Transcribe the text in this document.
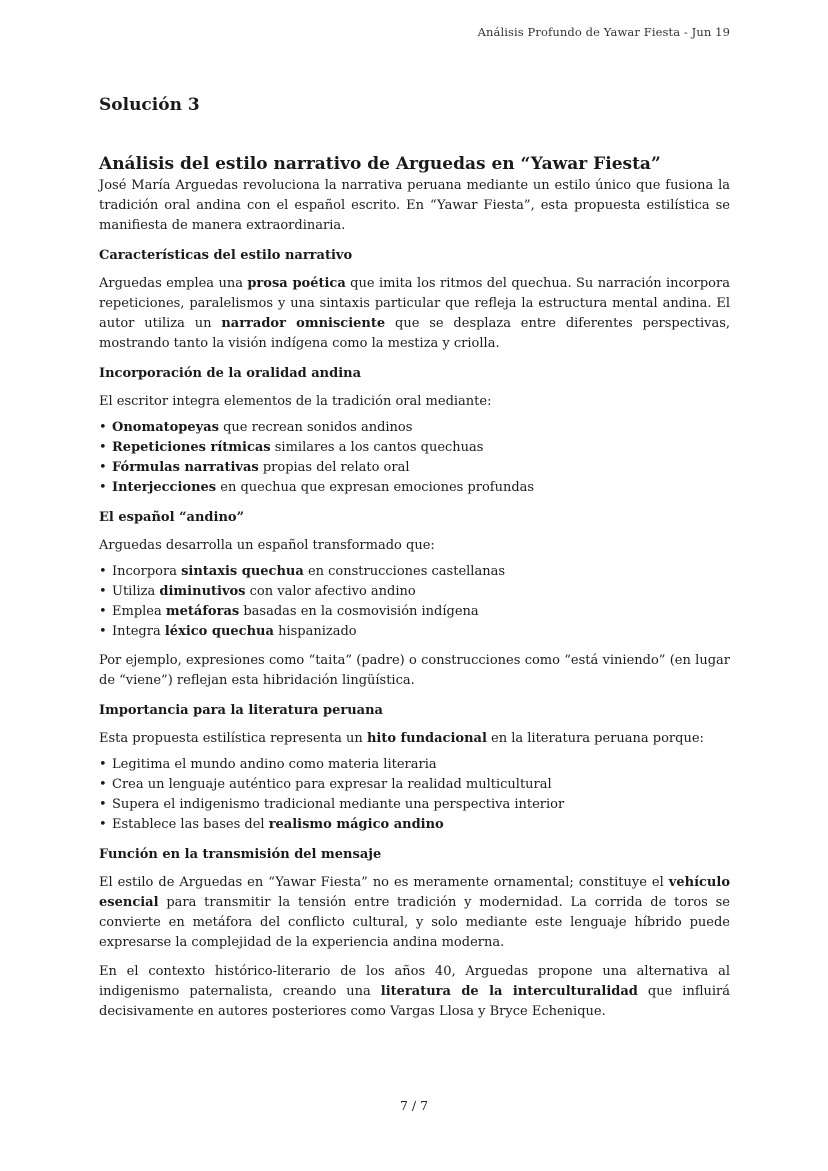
Análisis Profundo de Yawar Fiesta - Jun 19
Solución 3
Análisis del estilo narrativo de Arguedas en “Yawar Fiesta”

José María Arguedas revoluciona la narrativa peruana mediante un estilo único que fusiona la tradición oral andina con el español escrito. En “Yawar Fiesta”, esta propuesta estilística se manifiesta de manera extraordinaria.

Características del estilo narrativo

Arguedas emplea una prosa poética que imita los ritmos del quechua. Su narración incorpora repeticiones, paralelismos y una sintaxis particular que refleja la estructura mental andina. El autor utiliza un narrador omnisciente que se desplaza entre diferentes perspectivas, mostrando tanto la visión indígena como la mestiza y criolla.

Incorporación de la oralidad andina

El escritor integra elementos de la tradición oral mediante:

• Onomatopeyas que recrean sonidos andinos
• Repeticiones rítmicas similares a los cantos quechuas
• Fórmulas narrativas propias del relato oral
• Interjecciones en quechua que expresan emociones profundas
El español “andino”

Arguedas desarrolla un español transformado que:

• Incorpora sintaxis quechua en construcciones castellanas
• Utiliza diminutivos con valor afectivo andino
• Emplea metáforas basadas en la cosmovisión indígena
• Integra léxico quechua hispanizado

Por ejemplo, expresiones como “taita” (padre) o construcciones como “está viniendo” (en lugar de “viene”) reflejan esta hibridación lingüística.

Importancia para la literatura peruana

Esta propuesta estilística representa un hito fundacional en la literatura peruana porque:

• Legitima el mundo andino como materia literaria
• Crea un lenguaje auténtico para expresar la realidad multicultural
• Supera el indigenismo tradicional mediante una perspectiva interior
• Establece las bases del realismo mágico andino
Función en la transmisión del mensaje

El estilo de Arguedas en “Yawar Fiesta” no es meramente ornamental; constituye el vehículo esencial para transmitir la tensión entre tradición y modernidad. La corrida de toros se convierte en metáfora del conflicto cultural, y solo mediante este lenguaje híbrido puede expresarse la complejidad de la experiencia andina moderna.

En el contexto histórico-literario de los años 40, Arguedas propone una alternativa al indigenismo paternalista, creando una literatura de la interculturalidad que influirá decisivamente en autores posteriores como Vargas Llosa y Bryce Echenique.

7 / 7
